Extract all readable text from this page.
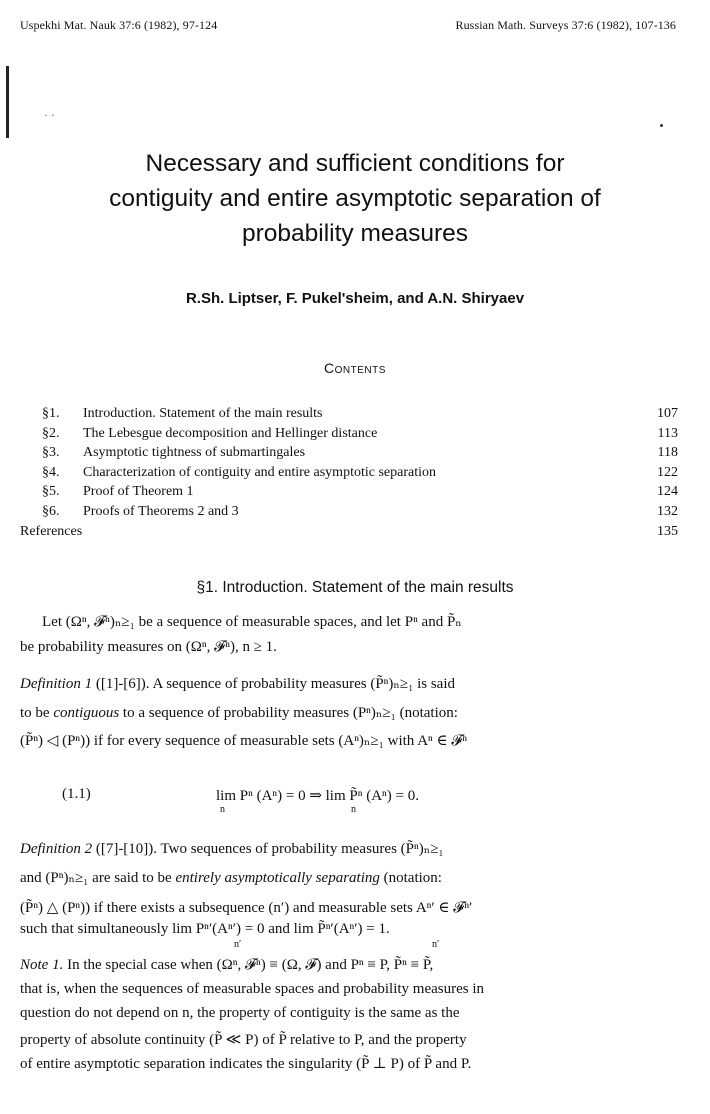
Uspekhi Mat. Nauk 37:6 (1982), 97-124	Russian Math. Surveys 37:6 (1982), 107-136
· ·
Necessary and sufficient conditions for
contiguity and entire asymptotic separation of
probability measures
R.Sh. Liptser, F. Pukel'sheim, and A.N. Shiryaev
Contents
§1. Introduction. Statement of the main results	107
§2. The Lebesgue decomposition and Hellinger distance	113
§3. Asymptotic tightness of submartingales	118
§4. Characterization of contiguity and entire asymptotic separation	122
§5. Proof of Theorem 1	124
§6. Proofs of Theorems 2 and 3	132
References	135
§1. Introduction. Statement of the main results
Let (Ωⁿ, 𝓕ⁿ)ₙ≥₁ be a sequence of measurable spaces, and let Pⁿ and P̃ₙ
be probability measures on (Ωⁿ, 𝓕ⁿ), n ≥ 1.
Definition 1 ([1]-[6]). A sequence of probability measures (P̃ⁿ)ₙ≥₁ is said
to be contiguous to a sequence of probability measures (Pⁿ)ₙ≥₁ (notation:
(P̃ⁿ) ◁ (Pⁿ)) if for every sequence of measurable sets (Aⁿ)ₙ≥₁ with Aⁿ ∈ 𝓕ⁿ
(1.1)	lim Pⁿ (Aⁿ) = 0 ⇒ lim P̃ⁿ (Aⁿ) = 0.
n	n
Definition 2 ([7]-[10]). Two sequences of probability measures (P̃ⁿ)ₙ≥₁
and (Pⁿ)ₙ≥₁ are said to be entirely asymptotically separating (notation:
(P̃ⁿ) △ (Pⁿ)) if there exists a subsequence (n′) and measurable sets Aⁿ′ ∈ 𝓕ⁿ′
such that simultaneously lim Pⁿ′(Aⁿ′) = 0 and lim P̃ⁿ′(Aⁿ′) = 1.
n′	n′
Note 1. In the special case when (Ωⁿ, 𝓕ⁿ) ≡ (Ω, 𝓕) and Pⁿ ≡ P, P̃ⁿ ≡ P̃,
that is, when the sequences of measurable spaces and probability measures in
question do not depend on n, the property of contiguity is the same as the
property of absolute continuity (P̃ ≪ P) of P̃ relative to P, and the property
of entire asymptotic separation indicates the singularity (P̃ ⊥ P) of P̃ and P.
